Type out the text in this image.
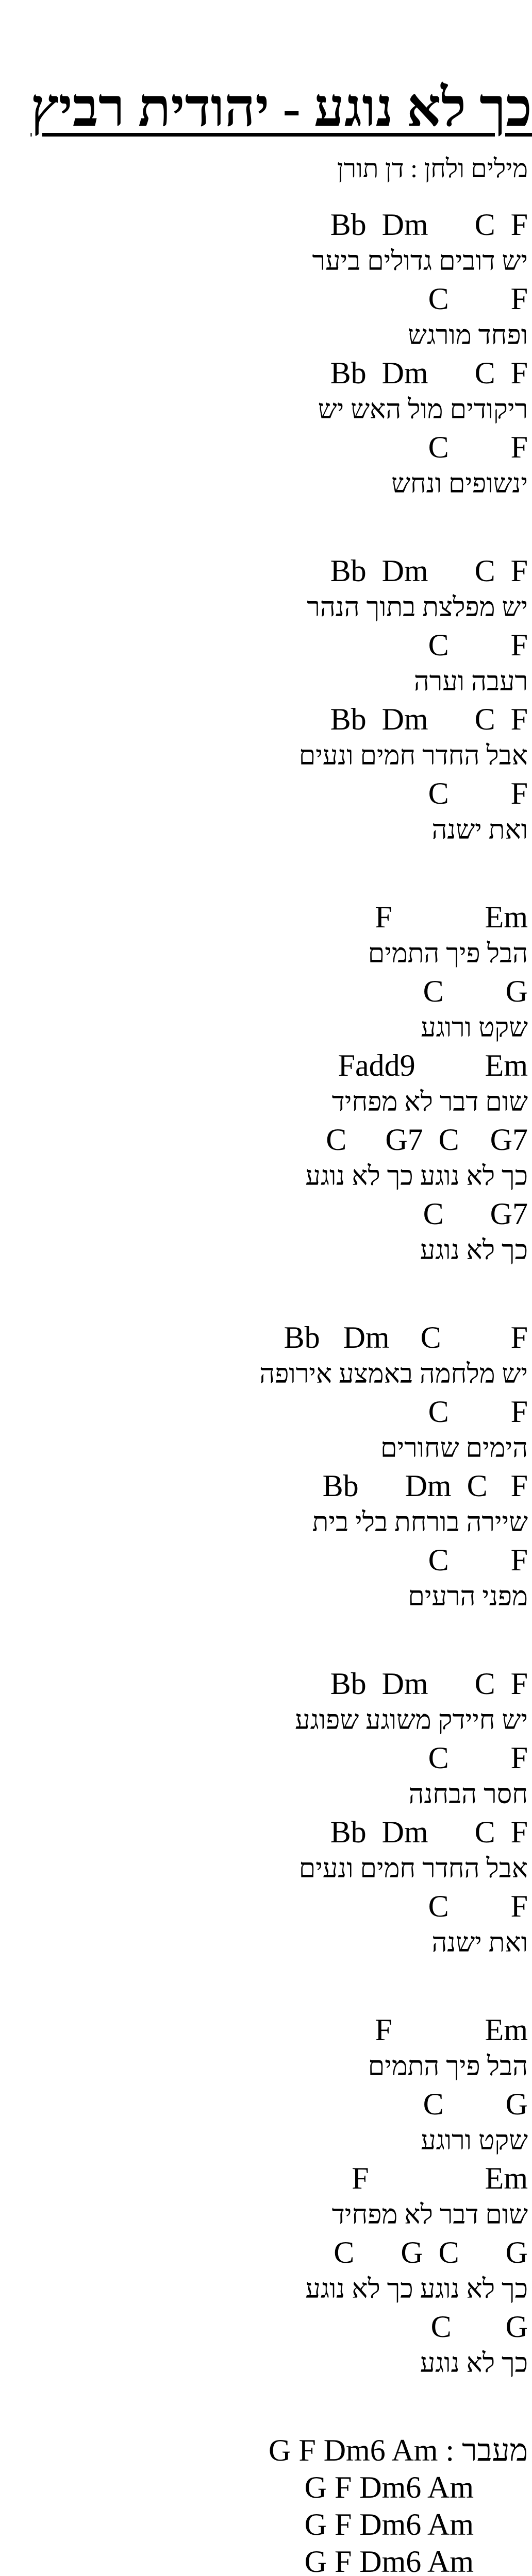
כך לא נוגע - יהודית רביץ
מילים ולחן : דן תורן
Bb  Dm      C  F
יש דובים גדולים ביער
C        F
ופחד מורגש
Bb  Dm      C  F
ריקודים מול האש יש
C        F
ינשופים ונחש
Bb  Dm      C  F
יש מפלצת בתוך הנהר
C        F
רעבה וערה
Bb  Dm      C  F
אבל החדר חמים ונעים
C        F
ואת ישנה
F            Em
הבל פיך התמים
C        G
שקט ורוגע
Fadd9         Em
שום דבר לא מפחיד
C     G7  C    G7
כך לא נוגע כך לא נוגע
C      G7
כך לא נוגע
Bb   Dm    C         F
יש מלחמה באמצע אירופה
C        F
הימים שחורים
Bb      Dm  C   F
שיירה בורחת בלי בית
C        F
מפני הרעים
Bb  Dm      C  F
יש חיידק משוגע שפוגע
C        F
חסר הבחנה
Bb  Dm      C  F
אבל החדר חמים ונעים
C        F
ואת ישנה
F            Em
הבל פיך התמים
C        G
שקט ורוגע
F               Em
שום דבר לא מפחיד
C      G  C      G
כך לא נוגע כך לא נוגע
C       G
כך לא נוגע
G F Dm6 Am : מעבר
G F Dm6 Am
G F Dm6 Am
G F Dm6 Am
